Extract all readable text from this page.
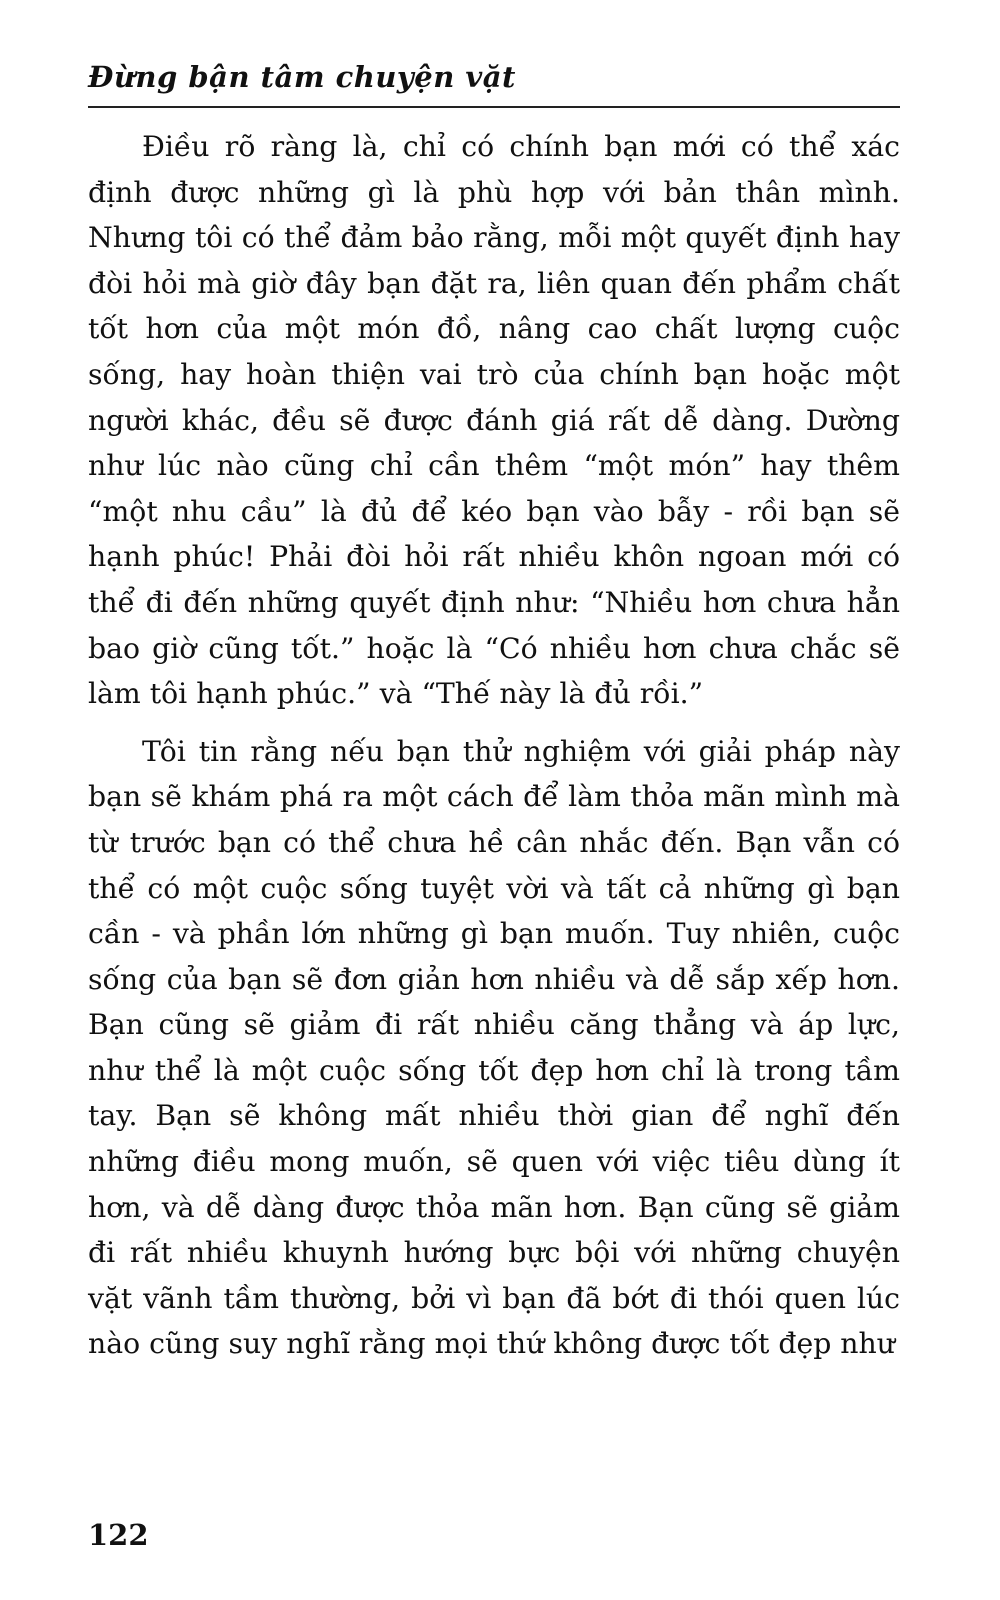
Đừng bận tâm chuyện vặt

Điều rõ ràng là, chỉ có chính bạn mới có thể xác định được những gì là phù hợp với bản thân mình. Nhưng tôi có thể đảm bảo rằng, mỗi một quyết định hay đòi hỏi mà giờ đây bạn đặt ra, liên quan đến phẩm chất tốt hơn của một món đồ, nâng cao chất lượng cuộc sống, hay hoàn thiện vai trò của chính bạn hoặc một người khác, đều sẽ được đánh giá rất dễ dàng. Dường như lúc nào cũng chỉ cần thêm “một món” hay thêm “một nhu cầu” là đủ để kéo bạn vào bẫy - rồi bạn sẽ hạnh phúc! Phải đòi hỏi rất nhiều khôn ngoan mới có thể đi đến những quyết định như: “Nhiều hơn chưa hẳn bao giờ cũng tốt.” hoặc là “Có nhiều hơn chưa chắc sẽ làm tôi hạnh phúc.” và “Thế này là đủ rồi.”

Tôi tin rằng nếu bạn thử nghiệm với giải pháp này bạn sẽ khám phá ra một cách để làm thỏa mãn mình mà từ trước bạn có thể chưa hề cân nhắc đến. Bạn vẫn có thể có một cuộc sống tuyệt vời và tất cả những gì bạn cần - và phần lớn những gì bạn muốn. Tuy nhiên, cuộc sống của bạn sẽ đơn giản hơn nhiều và dễ sắp xếp hơn. Bạn cũng sẽ giảm đi rất nhiều căng thẳng và áp lực, như thể là một cuộc sống tốt đẹp hơn chỉ là trong tầm tay. Bạn sẽ không mất nhiều thời gian để nghĩ đến những điều mong muốn, sẽ quen với việc tiêu dùng ít hơn, và dễ dàng được thỏa mãn hơn. Bạn cũng sẽ giảm đi rất nhiều khuynh hướng bực bội với những chuyện vặt vãnh tầm thường, bởi vì bạn đã bớt đi thói quen lúc nào cũng suy nghĩ rằng mọi thứ không được tốt đẹp như

122
